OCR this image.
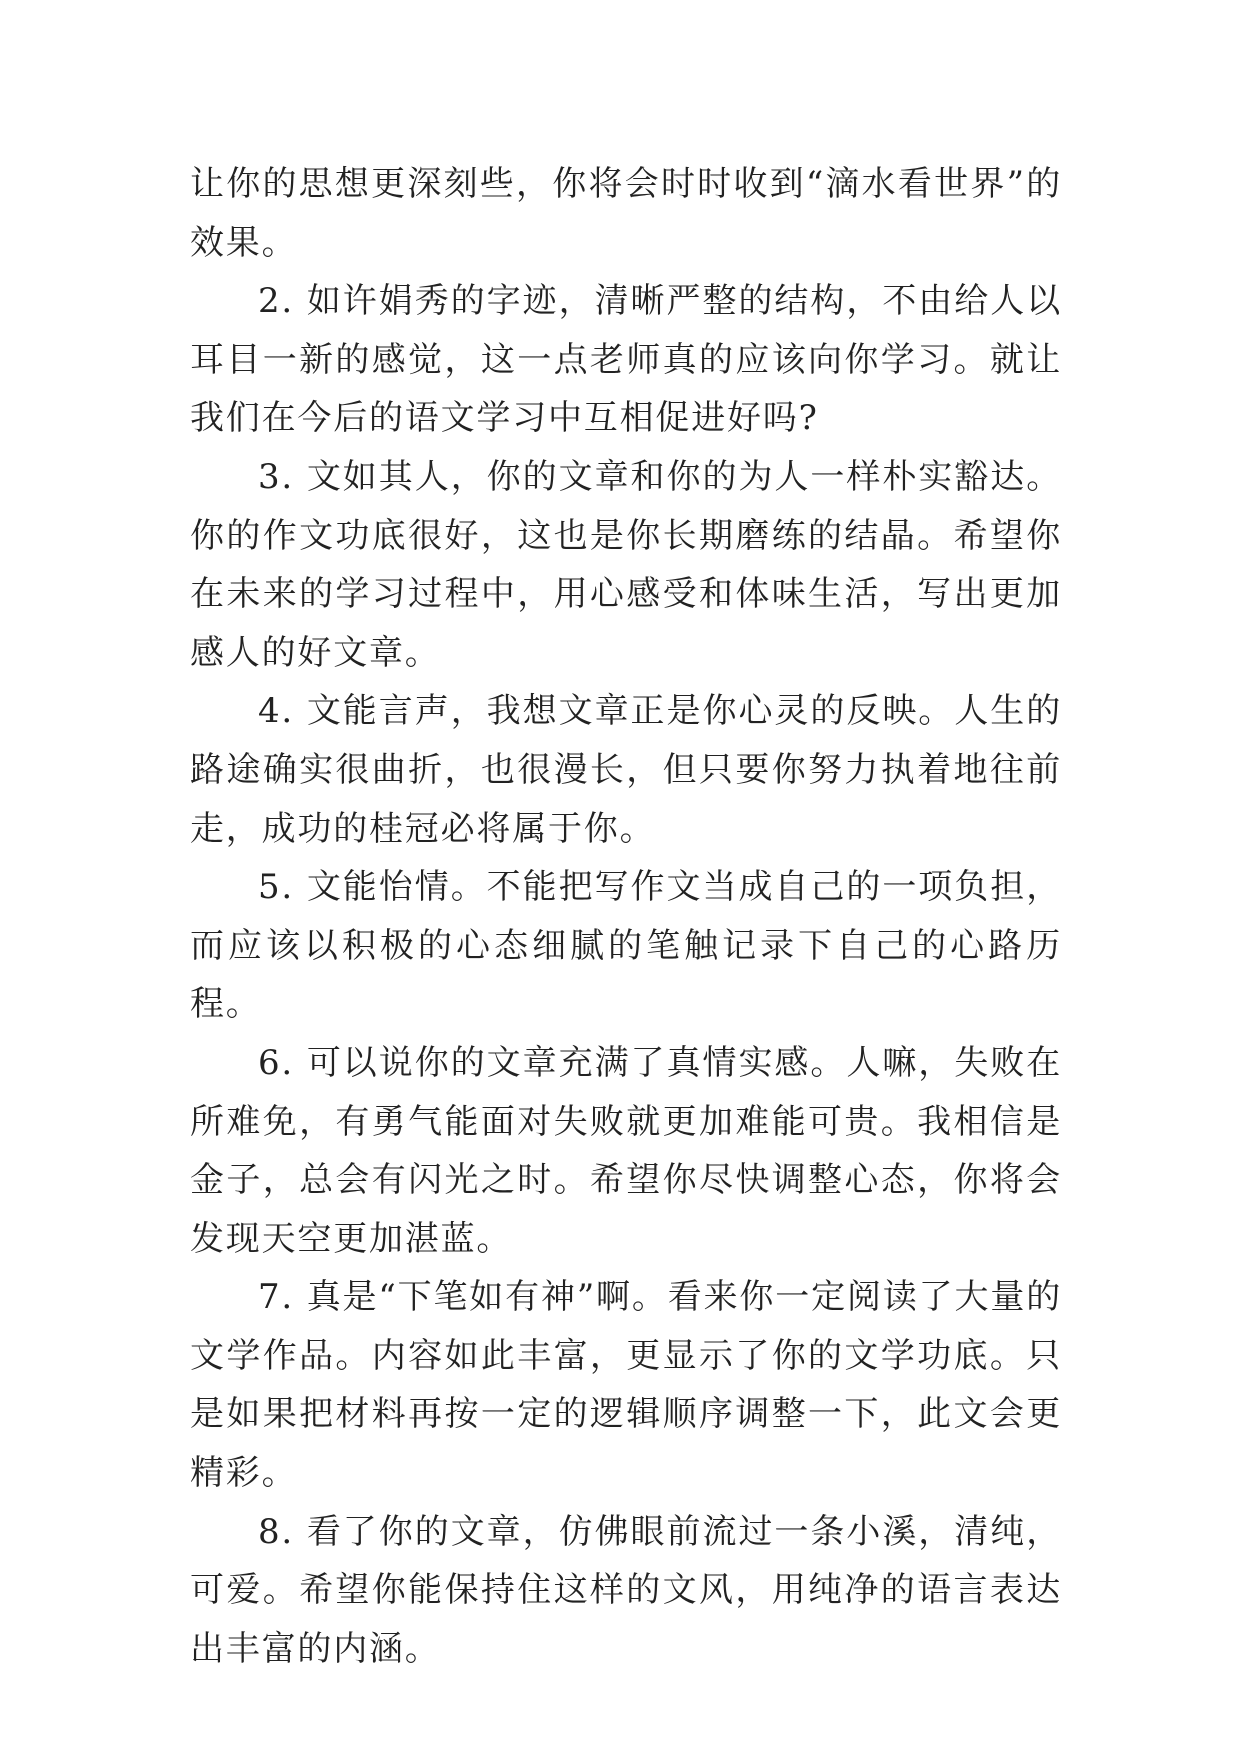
让你的思想更深刻些，你将会时时收到“滴水看世界”的效果。

2. 如许娟秀的字迹，清晰严整的结构，不由给人以耳目一新的感觉，这一点老师真的应该向你学习。就让我们在今后的语文学习中互相促进好吗?

3. 文如其人，你的文章和你的为人一样朴实豁达。你的作文功底很好，这也是你长期磨练的结晶。希望你在未来的学习过程中，用心感受和体味生活，写出更加感人的好文章。

4. 文能言声，我想文章正是你心灵的反映。人生的路途确实很曲折，也很漫长，但只要你努力执着地往前走，成功的桂冠必将属于你。

5. 文能怡情。不能把写作文当成自己的一项负担，而应该以积极的心态细腻的笔触记录下自己的心路历程。

6. 可以说你的文章充满了真情实感。人嘛，失败在所难免，有勇气能面对失败就更加难能可贵。我相信是金子，总会有闪光之时。希望你尽快调整心态，你将会发现天空更加湛蓝。

7. 真是“下笔如有神”啊。看来你一定阅读了大量的文学作品。内容如此丰富，更显示了你的文学功底。只是如果把材料再按一定的逻辑顺序调整一下，此文会更精彩。

8. 看了你的文章，仿佛眼前流过一条小溪，清纯，可爱。希望你能保持住这样的文风，用纯净的语言表达出丰富的内涵。
